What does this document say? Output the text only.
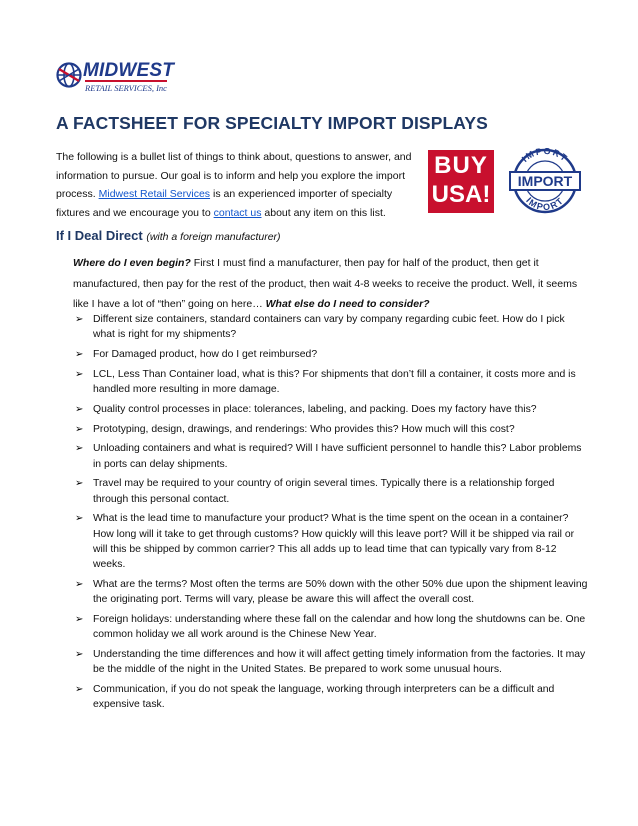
MIDWEST
RETAIL SERVICES, Inc
A FACTSHEET FOR SPECIALTY IMPORT DISPLAYS
The following is a bullet list of things to think about, questions to answer, and information to pursue. Our goal is to inform and help you explore the import process. Midwest Retail Services is an experienced importer of specialty fixtures and we encourage you to contact us about any item on this list.
BUY
USA!
IMPORT
IMPORT
IMPORT
If I Deal Direct (with a foreign manufacturer)
Where do I even begin? First I must find a manufacturer, then pay for half of the product, then get it manufactured, then pay for the rest of the product, then wait 4-8 weeks to receive the product. Well, it seems like I have a lot of “then” going on here… What else do I need to consider?
➢ Different size containers, standard containers can vary by company regarding cubic feet. How do I pick what is right for my shipments?
➢ For Damaged product, how do I get reimbursed?
➢ LCL, Less Than Container load, what is this? For shipments that don’t fill a container, it costs more and is handled more resulting in more damage.
➢ Quality control processes in place: tolerances, labeling, and packing. Does my factory have this?
➢ Prototyping, design, drawings, and renderings: Who provides this? How much will this cost?
➢ Unloading containers and what is required? Will I have sufficient personnel to handle this? Labor problems in ports can delay shipments.
➢ Travel may be required to your country of origin several times. Typically there is a relationship forged through this personal contact.
➢ What is the lead time to manufacture your product? What is the time spent on the ocean in a container? How long will it take to get through customs? How quickly will this leave port? Will it be shipped via rail or will this be shipped by common carrier? This all adds up to lead time that can typically vary from 8-12 weeks.
➢ What are the terms? Most often the terms are 50% down with the other 50% due upon the shipment leaving the originating port. Terms will vary, please be aware this will affect the overall cost.
➢ Foreign holidays: understanding where these fall on the calendar and how long the shutdowns can be. One common holiday we all work around is the Chinese New Year.
➢ Understanding the time differences and how it will affect getting timely information from the factories. It may be the middle of the night in the United States. Be prepared to work some unusual hours.
➢ Communication, if you do not speak the language, working through interpreters can be a difficult and expensive task.
